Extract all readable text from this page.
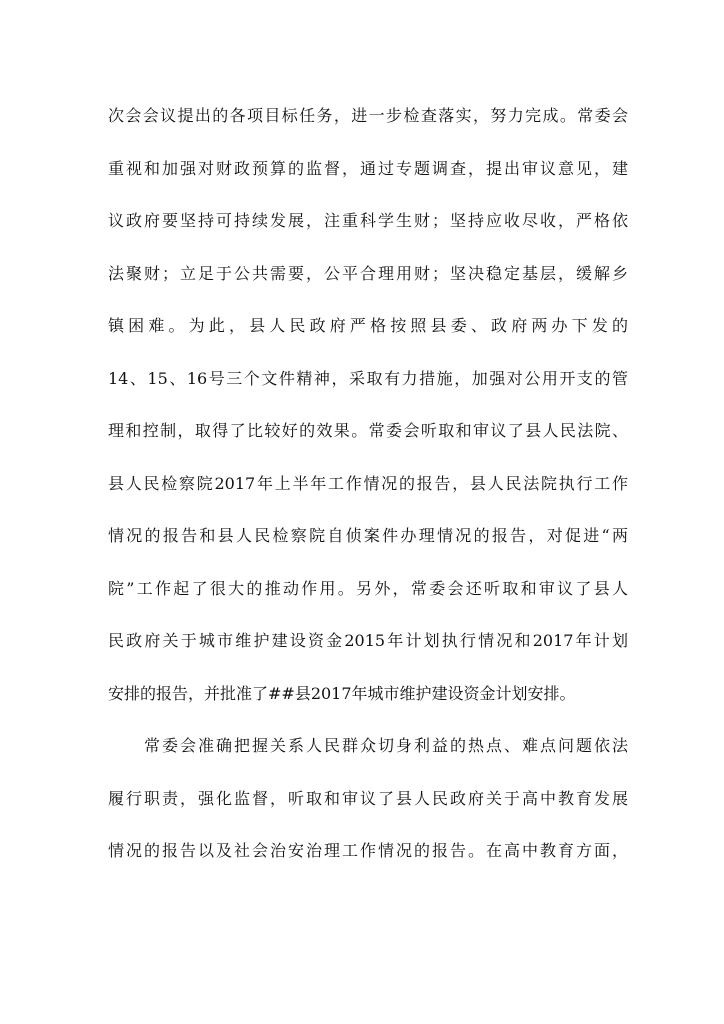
次会会议提出的各项目标任务，进一步检查落实，努力完成。常委会
重视和加强对财政预算的监督，通过专题调查，提出审议意见，建
议政府要坚持可持续发展，注重科学生财；坚持应收尽收，严格依
法聚财；立足于公共需要，公平合理用财；坚决稳定基层，缓解乡
镇困难。为此，县人民政府严格按照县委、政府两办下发的
14、15、16号三个文件精神，采取有力措施，加强对公用开支的管
理和控制，取得了比较好的效果。常委会听取和审议了县人民法院、
县人民检察院2017年上半年工作情况的报告，县人民法院执行工作
情况的报告和县人民检察院自侦案件办理情况的报告，对促进“两
院”工作起了很大的推动作用。另外，常委会还听取和审议了县人
民政府关于城市维护建设资金2015年计划执行情况和2017年计划
安排的报告，并批准了##县2017年城市维护建设资金计划安排。
常委会准确把握关系人民群众切身利益的热点、难点问题依法
履行职责，强化监督，听取和审议了县人民政府关于高中教育发展
情况的报告以及社会治安治理工作情况的报告。在高中教育方面，
